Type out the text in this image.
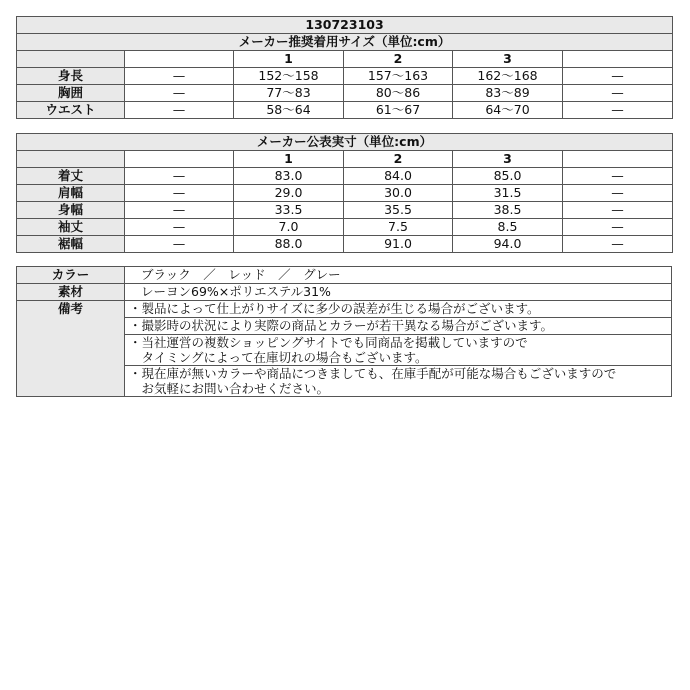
130723103					
メーカー推奨着用サイズ（単位:cm）					
		1	2	3	
身長	—	152〜158	157〜163	162〜168	—
胸囲	—	77〜83	80〜86	83〜89	—
ウエスト	—	58〜64	61〜67	64〜70	—
メーカー公表実寸（単位:cm）					
		1	2	3	
着丈	—	83.0	84.0	85.0	—
肩幅	—	29.0	30.0	31.5	—
身幅	—	33.5	35.5	38.5	—
袖丈	—	7.0	7.5	8.5	—
裾幅	—	88.0	91.0	94.0	—
カラー	ブラック　／　レッド　／　グレー
素材	レーヨン69%×ポリエステル31%
備考	・製品によって仕上がりサイズに多少の誤差が生じる場合がございます。
	・撮影時の状況により実際の商品とカラーが若干異なる場合がございます。

	・当社運営の複数ショッピングサイトでも同商品を掲載していますので
　タイミングによって在庫切れの場合もございます。

	・現在庫が無いカラーや商品につきましても、在庫手配が可能な場合もございますので
　お気軽にお問い合わせください。
